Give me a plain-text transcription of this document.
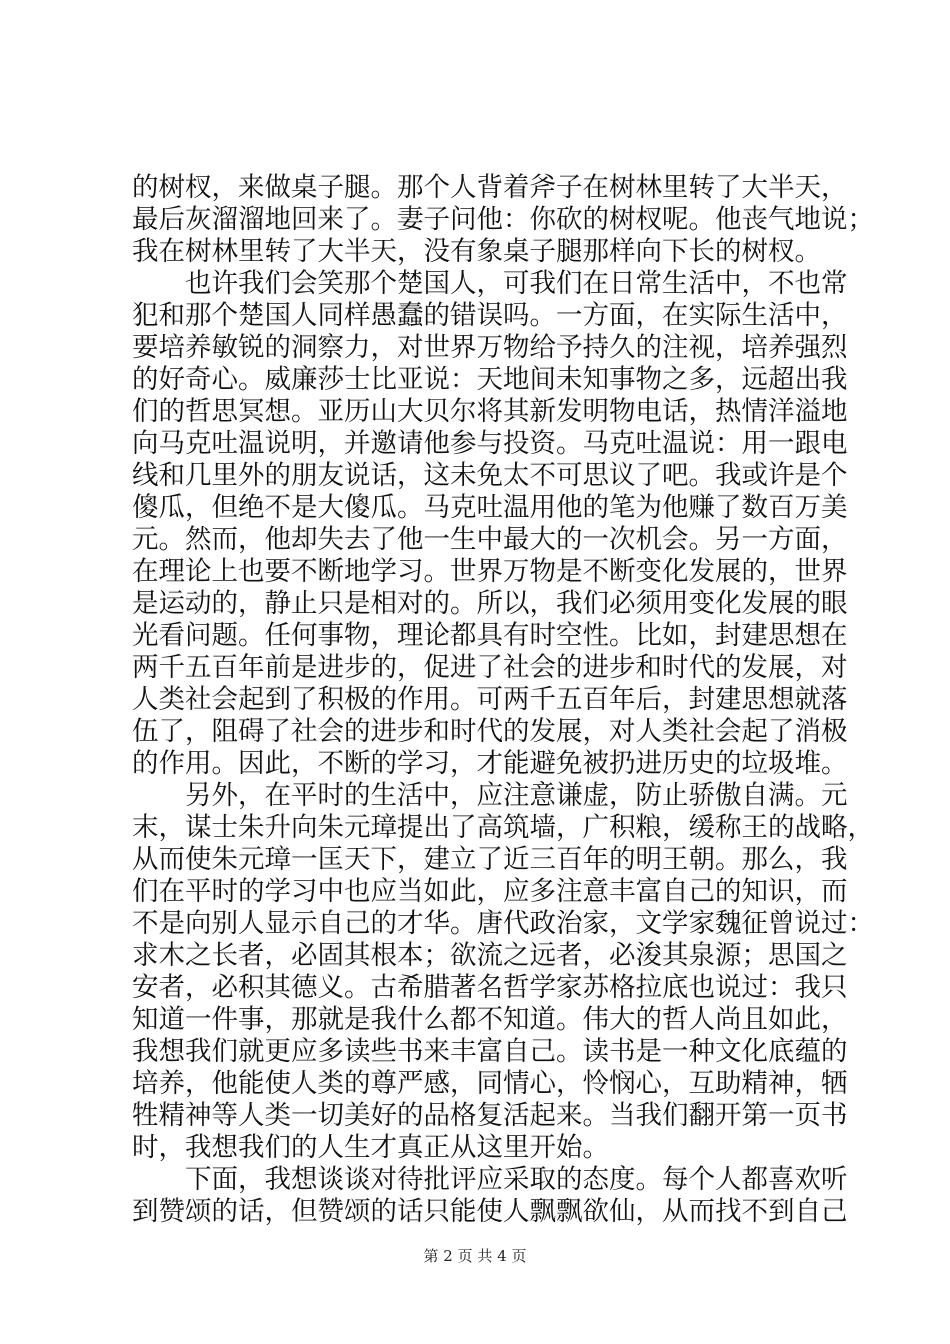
的树杈，来做桌子腿。那个人背着斧子在树林里转了大半天，
最后灰溜溜地回来了。妻子问他：你砍的树杈呢。他丧气地说；
我在树林里转了大半天，没有象桌子腿那样向下长的树杈。
也许我们会笑那个楚国人，可我们在日常生活中，不也常
犯和那个楚国人同样愚蠢的错误吗。一方面，在实际生活中，
要培养敏锐的洞察力，对世界万物给予持久的注视，培养强烈
的好奇心。威廉莎士比亚说：天地间未知事物之多，远超出我
们的哲思冥想。亚历山大贝尔将其新发明物电话，热情洋溢地
向马克吐温说明，并邀请他参与投资。马克吐温说：用一跟电
线和几里外的朋友说话，这未免太不可思议了吧。我或许是个
傻瓜，但绝不是大傻瓜。马克吐温用他的笔为他赚了数百万美
元。然而，他却失去了他一生中最大的一次机会。另一方面，
在理论上也要不断地学习。世界万物是不断变化发展的，世界
是运动的，静止只是相对的。所以，我们必须用变化发展的眼
光看问题。任何事物，理论都具有时空性。比如，封建思想在
两千五百年前是进步的，促进了社会的进步和时代的发展，对
人类社会起到了积极的作用。可两千五百年后，封建思想就落
伍了，阻碍了社会的进步和时代的发展，对人类社会起了消极
的作用。因此，不断的学习，才能避免被扔进历史的垃圾堆。
另外，在平时的生活中，应注意谦虚，防止骄傲自满。元
末，谋士朱升向朱元璋提出了高筑墙，广积粮，缓称王的战略，
从而使朱元璋一匡天下，建立了近三百年的明王朝。那么，我
们在平时的学习中也应当如此，应多注意丰富自己的知识，而
不是向别人显示自己的才华。唐代政治家，文学家魏征曾说过：
求木之长者，必固其根本；欲流之远者，必浚其泉源；思国之
安者，必积其德义。古希腊著名哲学家苏格拉底也说过：我只
知道一件事，那就是我什么都不知道。伟大的哲人尚且如此，
我想我们就更应多读些书来丰富自己。读书是一种文化底蕴的
培养，他能使人类的尊严感，同情心，怜悯心，互助精神，牺
牲精神等人类一切美好的品格复活起来。当我们翻开第一页书
时，我想我们的人生才真正从这里开始。
下面，我想谈谈对待批评应采取的态度。每个人都喜欢听
到赞颂的话，但赞颂的话只能使人飘飘欲仙，从而找不到自己
第 2 页 共 4 页
